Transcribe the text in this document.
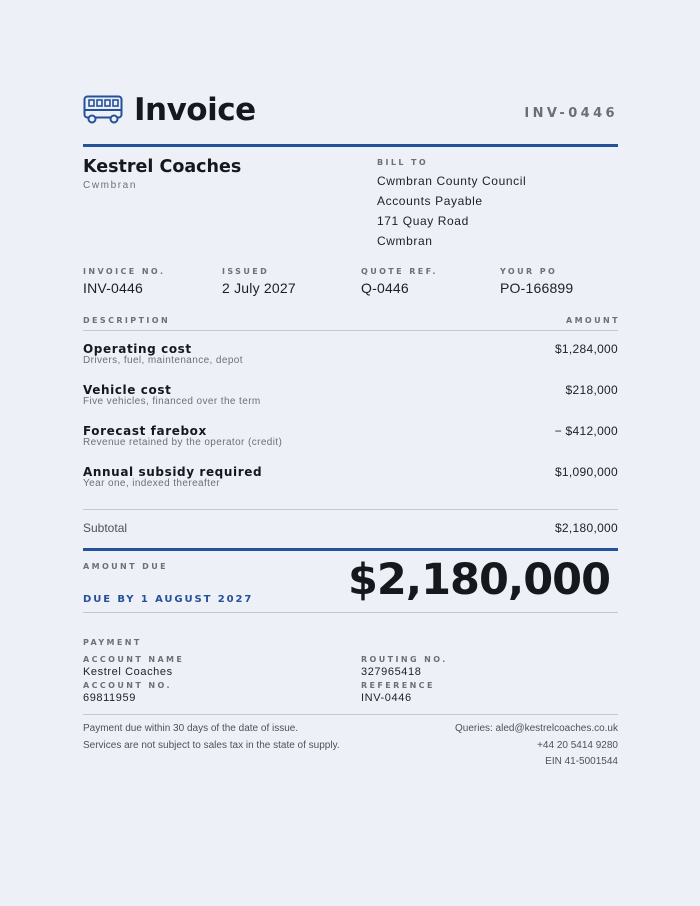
Invoice	INV-0446
Kestrel Coaches
Cwmbran
BILL TO
Cwmbran County Council
Accounts Payable
171 Quay Road
Cwmbran
INVOICE NO.
INV-0446
ISSUED
2 July 2027
QUOTE REF.
Q-0446
YOUR PO
PO-166899
DESCRIPTION	AMOUNT
Operating cost
Drivers, fuel, maintenance, depot
$1,284,000
Vehicle cost
Five vehicles, financed over the term
$218,000
Forecast farebox
Revenue retained by the operator (credit)
− $412,000
Annual subsidy required
Year one, indexed thereafter
$1,090,000
Subtotal	$2,180,000
AMOUNT DUE	$2,180,000
DUE BY 1 AUGUST 2027
PAYMENT
ACCOUNT NAME
Kestrel Coaches
ACCOUNT NO.
69811959
ROUTING NO.
327965418
REFERENCE
INV-0446
Payment due within 30 days of the date of issue.
Services are not subject to sales tax in the state of supply.
Queries: aled@kestrelcoaches.co.uk
+44 20 5414 9280
EIN 41-5001544
